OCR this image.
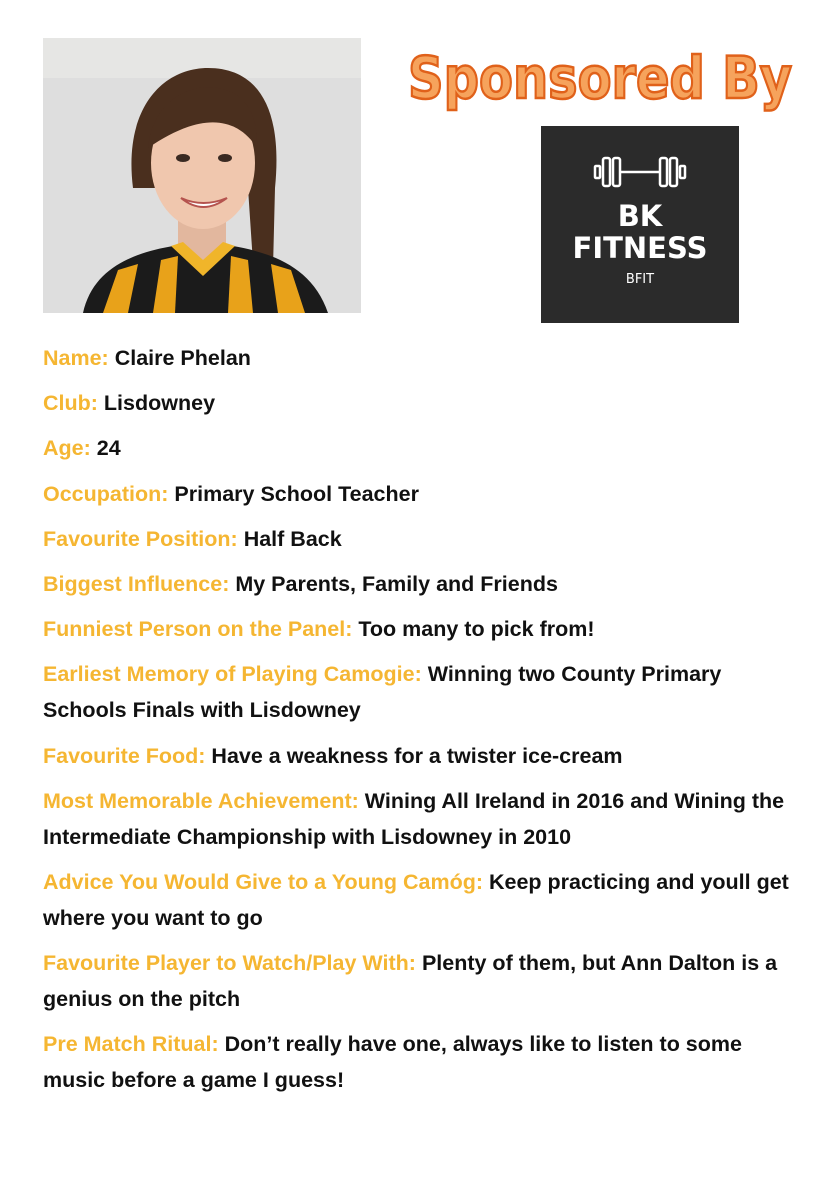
Sponsored By
BK
FITNESS
BFIT
Name: Claire Phelan
Club: Lisdowney
Age: 24
Occupation: Primary School Teacher
Favourite Position: Half Back
Biggest Influence: My Parents, Family and Friends
Funniest Person on the Panel: Too many to pick from!
Earliest Memory of Playing Camogie: Winning two County Primary Schools Finals with Lisdowney
Favourite Food: Have a weakness for a twister ice-cream
Most Memorable Achievement: Wining All Ireland in 2016 and Wining the Intermediate Championship with Lisdowney in 2010
Advice You Would Give to a Young Camóg: Keep practicing and youll get where you want to go
Favourite Player to Watch/Play With: Plenty of them, but Ann Dalton is a genius on the pitch
Pre Match Ritual: Don’t really have one, always like to listen to some music before a game I guess!
